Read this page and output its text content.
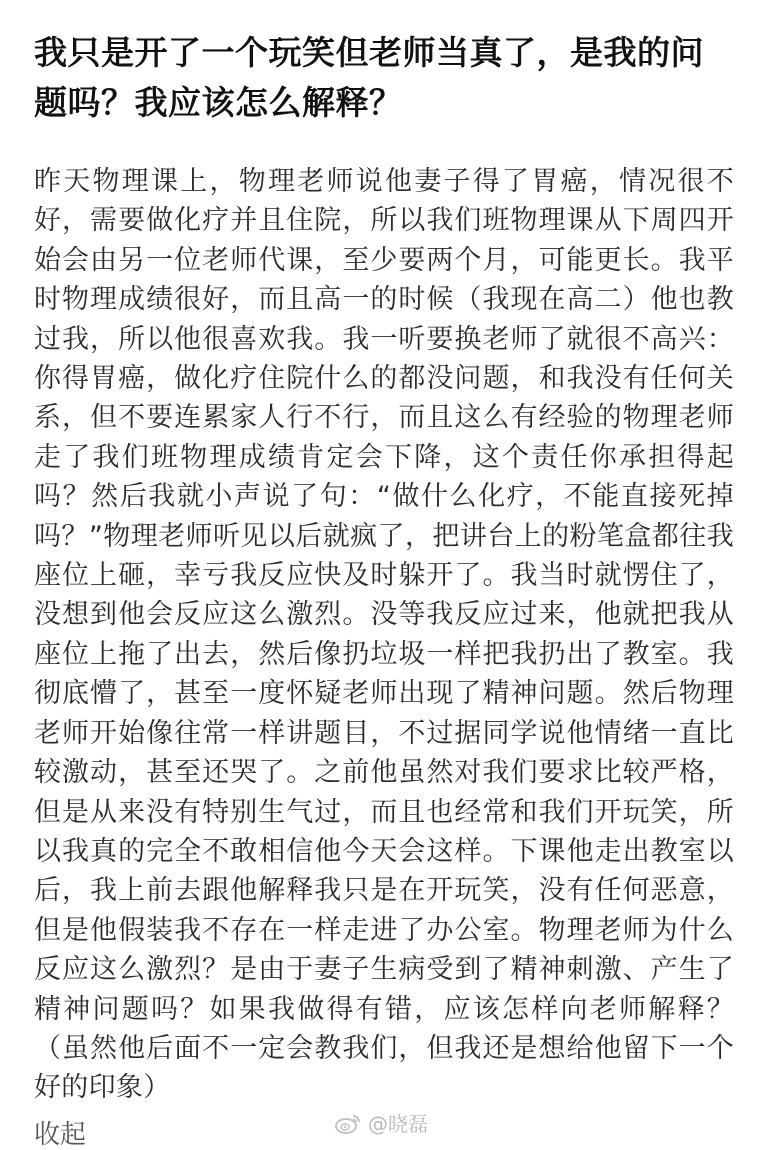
我只是开了一个玩笑但老师当真了，是我的问题吗？我应该怎么解释？
昨天物理课上，物理老师说他妻子得了胃癌，情况很不好，需要做化疗并且住院，所以我们班物理课从下周四开始会由另一位老师代课，至少要两个月，可能更长。我平时物理成绩很好，而且高一的时候（我现在高二）他也教过我，所以他很喜欢我。我一听要换老师了就很不高兴：你得胃癌，做化疗住院什么的都没问题，和我没有任何关系，但不要连累家人行不行，而且这么有经验的物理老师走了我们班物理成绩肯定会下降，这个责任你承担得起吗？然后我就小声说了句：“做什么化疗，不能直接死掉吗？”物理老师听见以后就疯了，把讲台上的粉笔盒都往我座位上砸，幸亏我反应快及时躲开了。我当时就愣住了，没想到他会反应这么激烈。没等我反应过来，他就把我从座位上拖了出去，然后像扔垃圾一样把我扔出了教室。我彻底懵了，甚至一度怀疑老师出现了精神问题。然后物理老师开始像往常一样讲题目，不过据同学说他情绪一直比较激动，甚至还哭了。之前他虽然对我们要求比较严格，但是从来没有特别生气过，而且也经常和我们开玩笑，所以我真的完全不敢相信他今天会这样。下课他走出教室以后，我上前去跟他解释我只是在开玩笑，没有任何恶意，但是他假装我不存在一样走进了办公室。物理老师为什么反应这么激烈？是由于妻子生病受到了精神刺激、产生了精神问题吗？如果我做得有错，应该怎样向老师解释？（虽然他后面不一定会教我们，但我还是想给他留下一个好的印象）
收起	@晓磊
